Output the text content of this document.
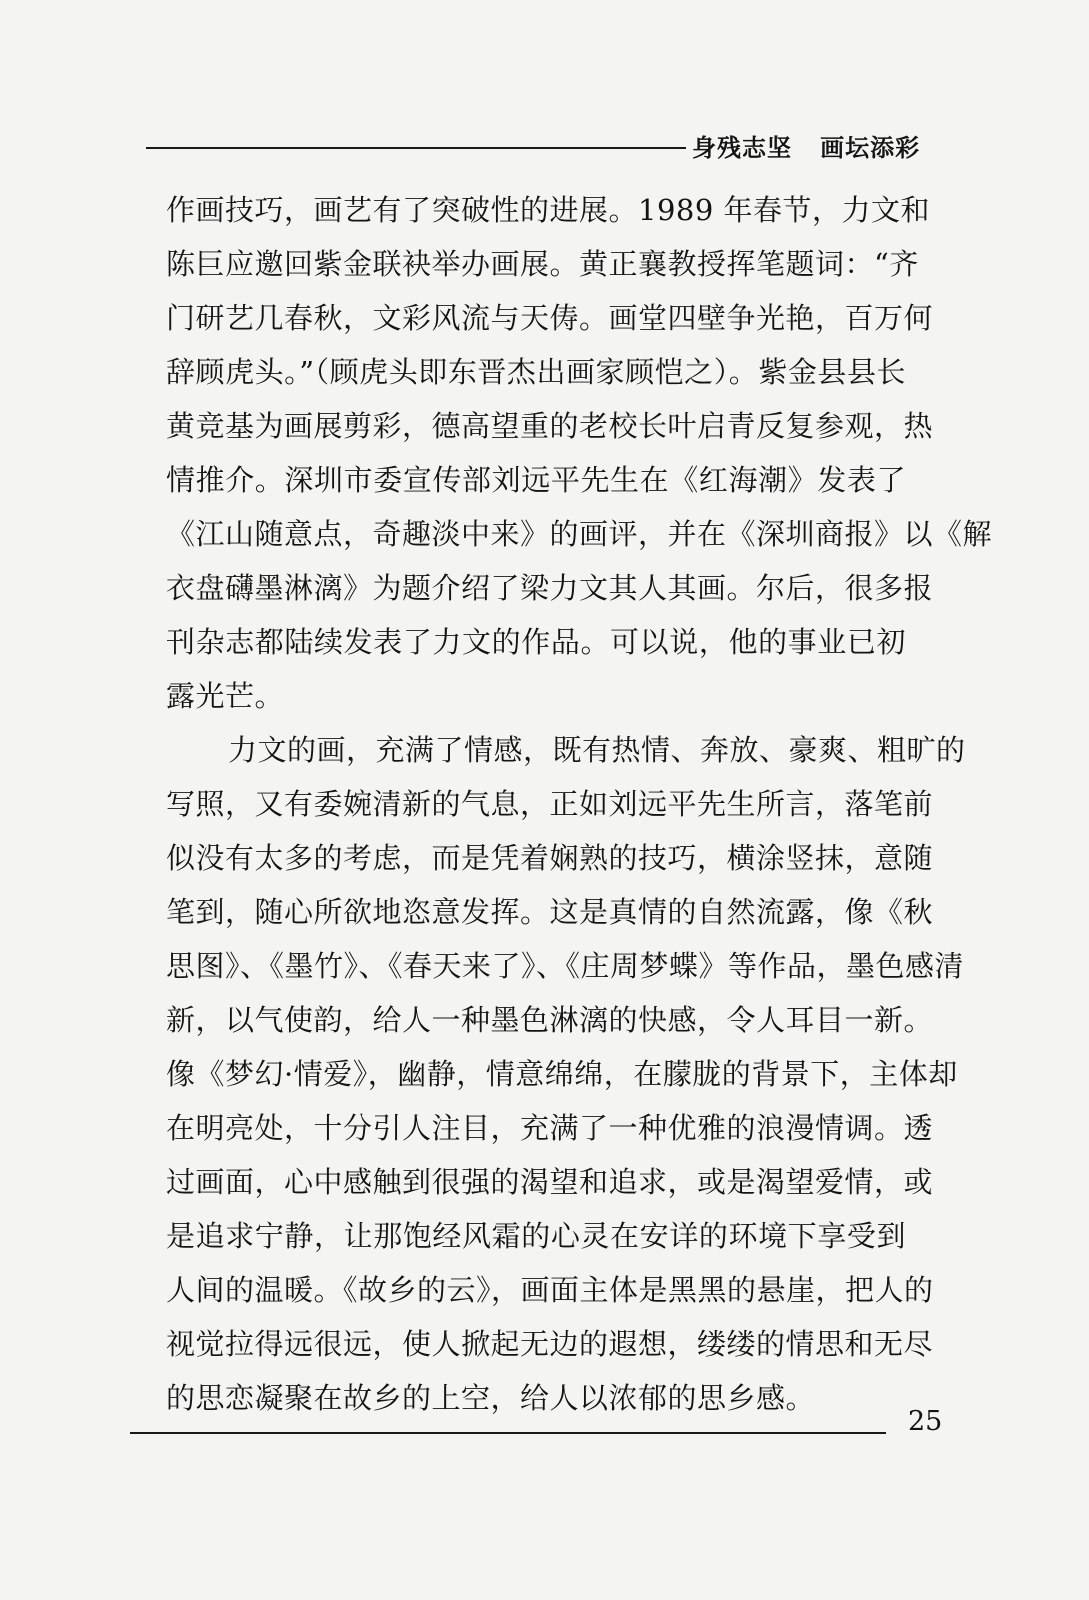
身残志坚   画坛添彩
作画技巧，画艺有了突破性的进展。1989 年春节，力文和
陈巨应邀回紫金联袂举办画展。黄正襄教授挥笔题词：“齐
门研艺几春秋，文彩风流与天俦。画堂四壁争光艳，百万何
辞顾虎头。”（顾虎头即东晋杰出画家顾恺之）。紫金县县长
黄竞基为画展剪彩，德高望重的老校长叶启青反复参观，热
情推介。深圳市委宣传部刘远平先生在《红海潮》发表了
《江山随意点，奇趣淡中来》的画评，并在《深圳商报》以《解
衣盘礴墨淋漓》为题介绍了梁力文其人其画。尔后，很多报
刊杂志都陆续发表了力文的作品。可以说，他的事业已初
露光芒。
力文的画，充满了情感，既有热情、奔放、豪爽、粗旷的
写照，又有委婉清新的气息，正如刘远平先生所言，落笔前
似没有太多的考虑，而是凭着娴熟的技巧，横涂竖抹，意随
笔到，随心所欲地恣意发挥。这是真情的自然流露，像《秋
思图》、《墨竹》、《春天来了》、《庄周梦蝶》等作品，墨色感清
新，以气使韵，给人一种墨色淋漓的快感，令人耳目一新。
像《梦幻·情爱》，幽静，情意绵绵，在朦胧的背景下，主体却
在明亮处，十分引人注目，充满了一种优雅的浪漫情调。透
过画面，心中感触到很强的渴望和追求，或是渴望爱情，或
是追求宁静，让那饱经风霜的心灵在安详的环境下享受到
人间的温暖。《故乡的云》，画面主体是黑黑的悬崖，把人的
视觉拉得远很远，使人掀起无边的遐想，缕缕的情思和无尽
的思恋凝聚在故乡的上空，给人以浓郁的思乡感。
25
